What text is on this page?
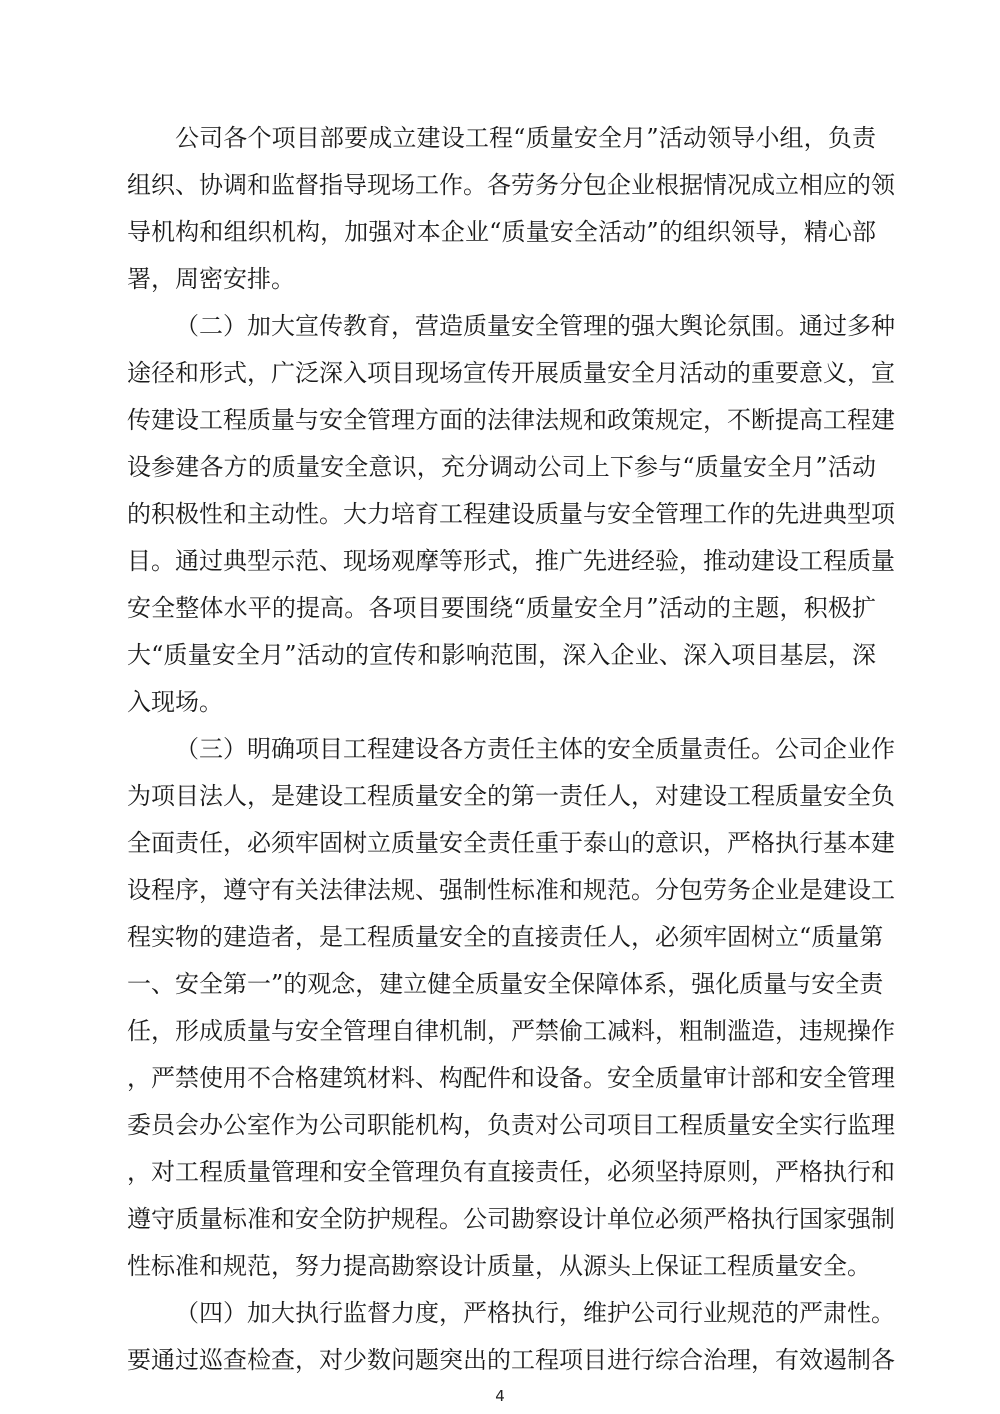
公司各个项目部要成立建设工程“质量安全月”活动领导小组，负责
组织、协调和监督指导现场工作。各劳务分包企业根据情况成立相应的领
导机构和组织机构，加强对本企业“质量安全活动”的组织领导，精心部
署，周密安排。
（二）加大宣传教育，营造质量安全管理的强大舆论氛围。通过多种
途径和形式，广泛深入项目现场宣传开展质量安全月活动的重要意义，宣
传建设工程质量与安全管理方面的法律法规和政策规定，不断提高工程建
设参建各方的质量安全意识，充分调动公司上下参与“质量安全月”活动
的积极性和主动性。大力培育工程建设质量与安全管理工作的先进典型项
目。通过典型示范、现场观摩等形式，推广先进经验，推动建设工程质量
安全整体水平的提高。各项目要围绕“质量安全月”活动的主题，积极扩
大“质量安全月”活动的宣传和影响范围，深入企业、深入项目基层，深
入现场。
（三）明确项目工程建设各方责任主体的安全质量责任。公司企业作
为项目法人，是建设工程质量安全的第一责任人，对建设工程质量安全负
全面责任，必须牢固树立质量安全责任重于泰山的意识，严格执行基本建
设程序，遵守有关法律法规、强制性标准和规范。分包劳务企业是建设工
程实物的建造者，是工程质量安全的直接责任人，必须牢固树立“质量第
一、安全第一”的观念，建立健全质量安全保障体系，强化质量与安全责
任，形成质量与安全管理自律机制，严禁偷工减料，粗制滥造，违规操作
，严禁使用不合格建筑材料、构配件和设备。安全质量审计部和安全管理
委员会办公室作为公司职能机构，负责对公司项目工程质量安全实行监理
，对工程质量管理和安全管理负有直接责任，必须坚持原则，严格执行和
遵守质量标准和安全防护规程。公司勘察设计单位必须严格执行国家强制
性标准和规范，努力提高勘察设计质量，从源头上保证工程质量安全。
（四）加大执行监督力度，严格执行，维护公司行业规范的严肃性。
要通过巡查检查，对少数问题突出的工程项目进行综合治理，有效遏制各
4
